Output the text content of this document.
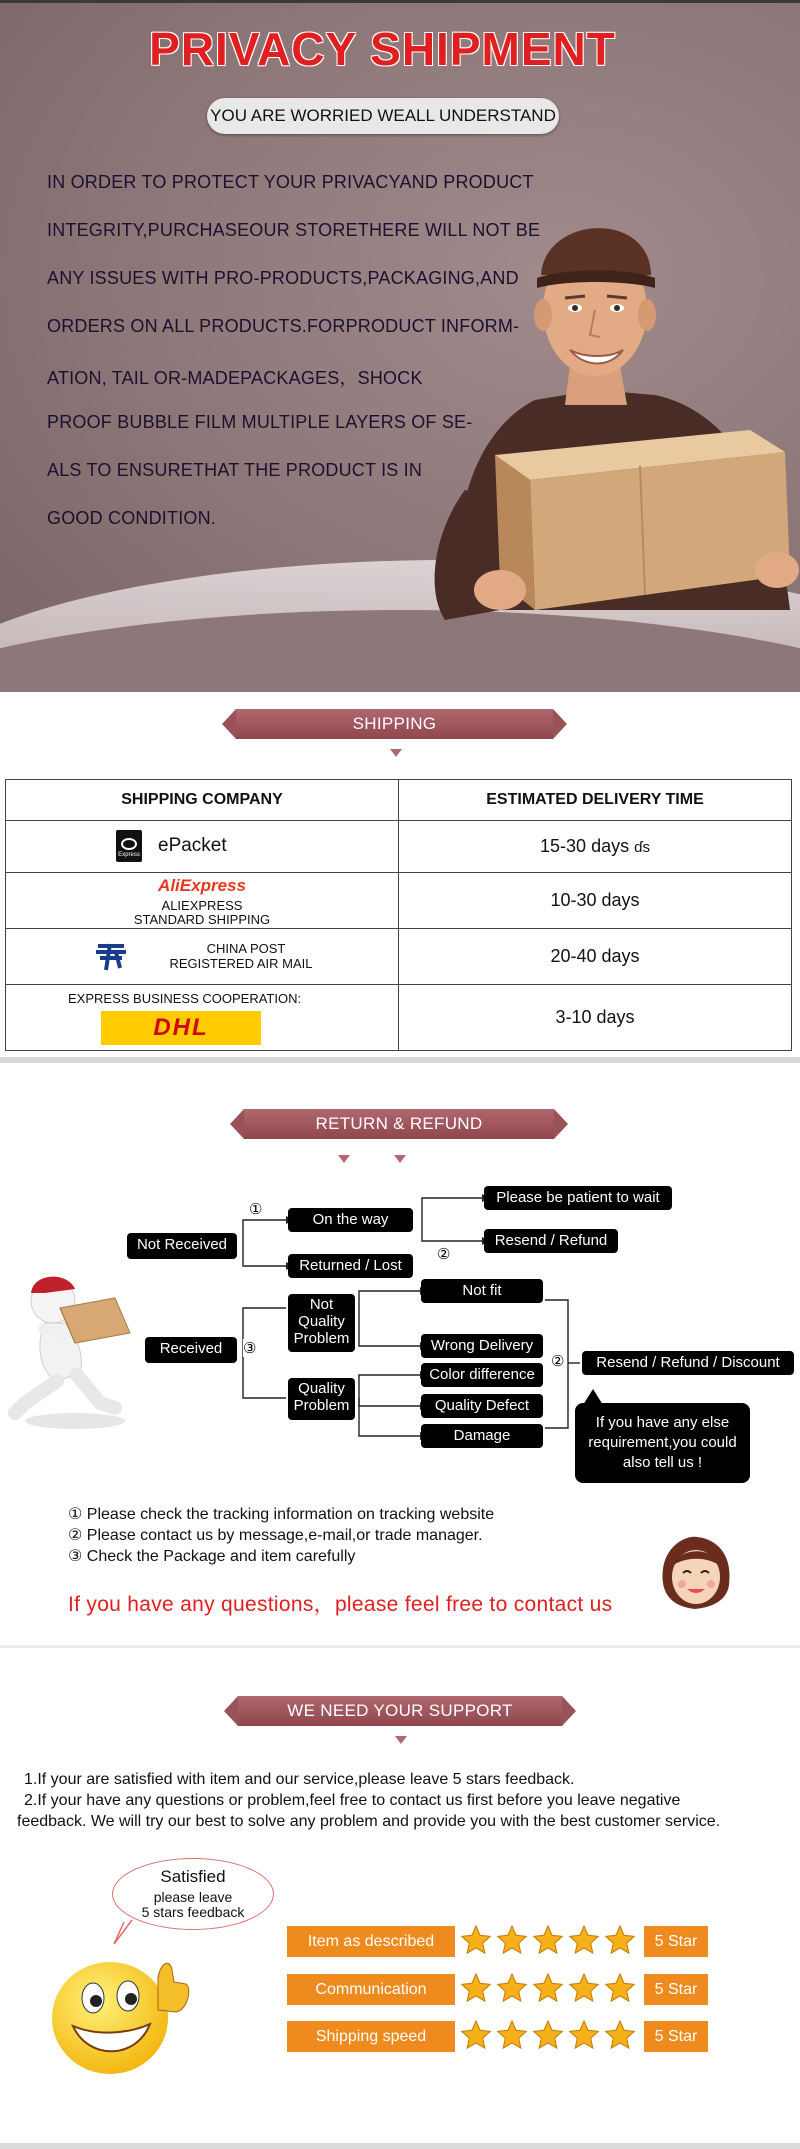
PRIVACY SHIPMENT
YOU ARE WORRIED WEALL UNDERSTAND
IN ORDER TO PROTECT YOUR PRIVACYAND PRODUCT
INTEGRITY,PURCHASEOUR STORETHERE WILL NOT BE
ANY ISSUES WITH PRO-PRODUCTS,PACKAGING,AND
ORDERS ON ALL PRODUCTS.FORPRODUCT INFORM-
ATION, TAIL OR-MADEPACKAGES，SHOCK
PROOF BUBBLE FILM MULTIPLE LAYERS OF SE-
ALS TO ENSURETHAT THE PRODUCT IS IN
GOOD CONDITION.
SHIPPING
SHIPPING COMPANY	ESTIMATED DELIVERY TIME

Express ePacket	15-30 days ɗs

AliExpress
ALIEXPRESS
STANDARD SHIPPING	10-30 days

CHINA POST
REGISTERED AIR MAIL	20-40 days

EXPRESS BUSINESS COOPERATION:
DHL	3-10 days
RETURN & REFUND
①
②
③
②
Not Received
Received
On the way
Returned / Lost
Please be patient to wait
Resend / Refund
Not Quality Problem
Quality Problem
Not fit
Wrong Delivery
Color difference
Quality Defect
Damage
Resend / Refund / Discount
If you have any else requirement,you could also tell us !
① Please check the tracking information on tracking website
② Please contact us by message,e-mail,or trade manager.
③ Check the Package and item carefully
If you have any questions，please feel free to contact us
WE NEED YOUR SUPPORT
1.If your are satisfied with item and our service,please leave 5 stars feedback.
2.If your have any questions or problem,feel free to contact us first before you leave negative
feedback. We will try our best to solve any problem and provide you with the best customer service.
Satisfied
please leave
5 stars feedback
Item as described	5 Star
Communication	5 Star
Shipping speed	5 Star
